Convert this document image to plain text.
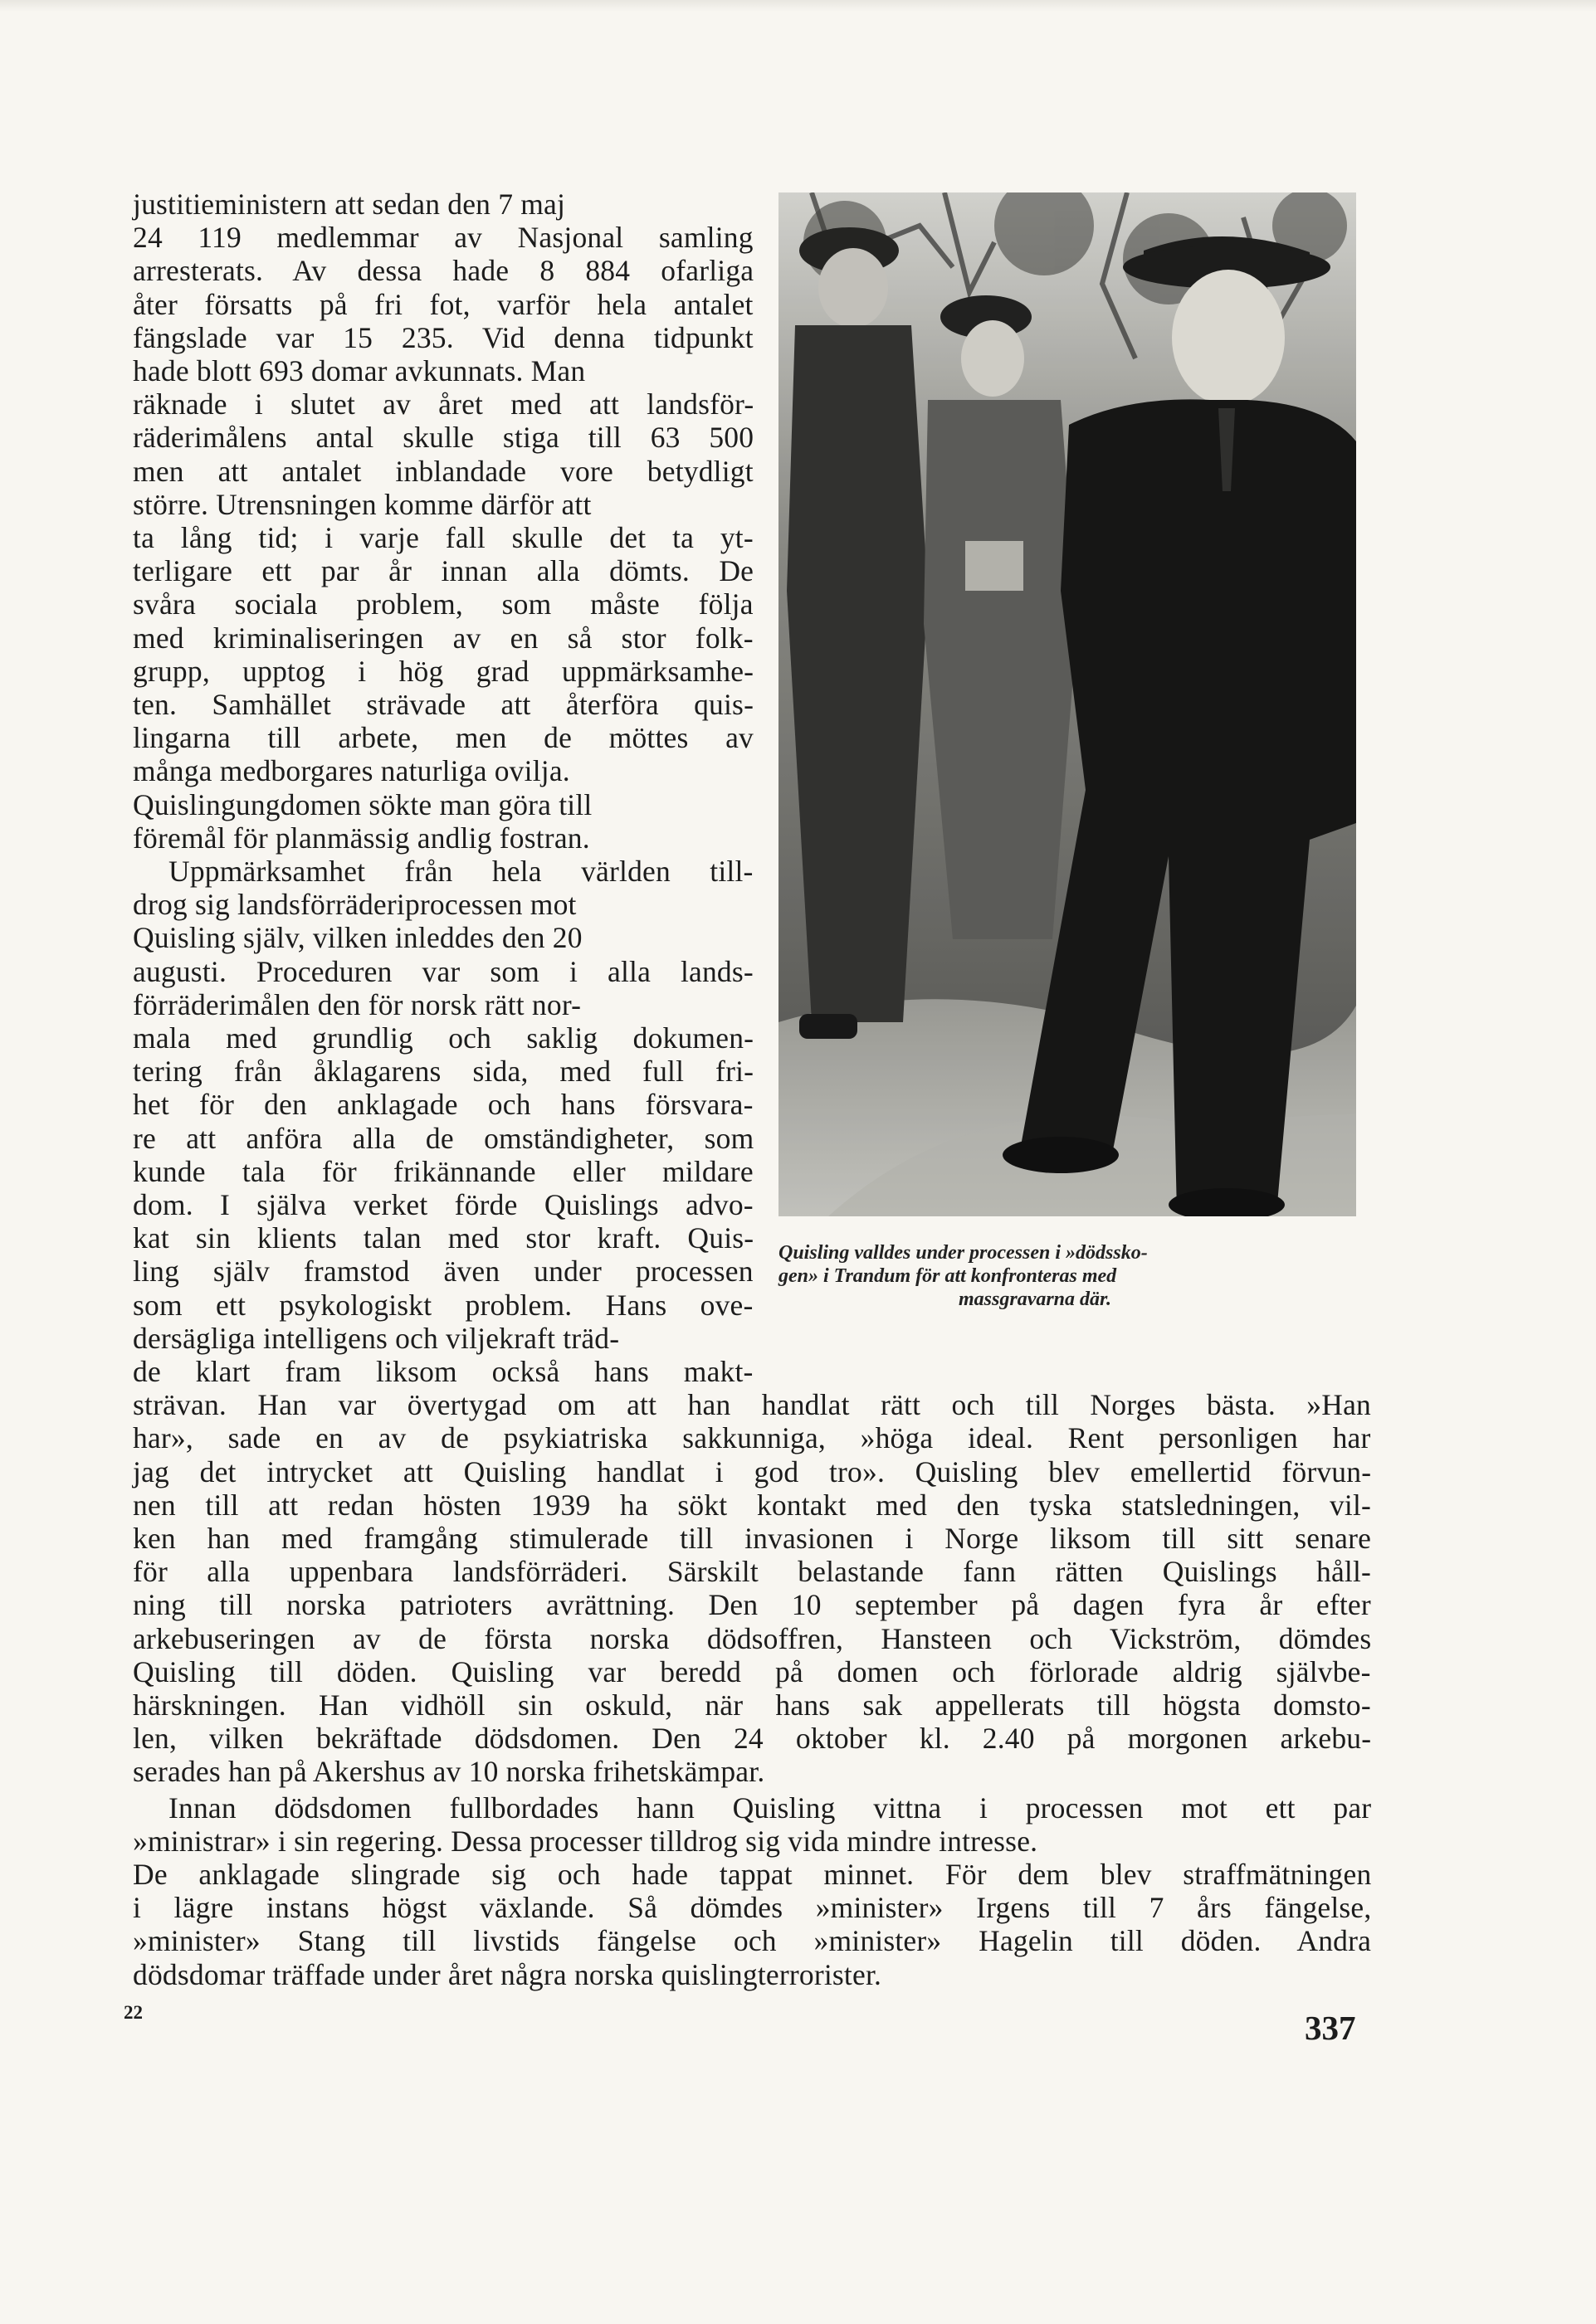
justitieministern att sedan den 7 maj
24 119 medlemmar av Nasjonal samling
arresterats. Av dessa hade 8 884 ofarliga
åter försatts på fri fot, varför hela antalet
fängslade var 15 235. Vid denna tidpunkt
hade blott 693 domar avkunnats. Man
räknade i slutet av året med att landsför-
räderimålens antal skulle stiga till 63 500
men att antalet inblandade vore betydligt
större. Utrensningen komme därför att
ta lång tid; i varje fall skulle det ta yt-
terligare ett par år innan alla dömts. De
svåra sociala problem, som måste följa
med kriminaliseringen av en så stor folk-
grupp, upptog i hög grad uppmärksamhe-
ten. Samhället strävade att återföra quis-
lingarna till arbete, men de möttes av
många medborgares naturliga ovilja.
Quislingungdomen sökte man göra till
föremål för planmässig andlig fostran.
Uppmärksamhet från hela världen till-
drog sig landsförräderiprocessen mot
Quisling själv, vilken inleddes den 20
augusti. Proceduren var som i alla lands-
förräderimålen den för norsk rätt nor-
mala med grundlig och saklig dokumen-
tering från åklagarens sida, med full fri-
het för den anklagade och hans försvara-
re att anföra alla de omständigheter, som
kunde tala för frikännande eller mildare
dom. I själva verket förde Quislings advo-
kat sin klients talan med stor kraft. Quis-
ling själv framstod även under processen
som ett psykologiskt problem. Hans ove-
dersägliga intelligens och viljekraft träd-
de klart fram liksom också hans makt-
strävan. Han var övertygad om att han handlat rätt och till Norges bästa. »Han
har», sade en av de psykiatriska sakkunniga, »höga ideal. Rent personligen har
jag det intrycket att Quisling handlat i god tro». Quisling blev emellertid förvun-
nen till att redan hösten 1939 ha sökt kontakt med den tyska statsledningen, vil-
ken han med framgång stimulerade till invasionen i Norge liksom till sitt senare
för alla uppenbara landsförräderi. Särskilt belastande fann rätten Quislings håll-
ning till norska patrioters avrättning. Den 10 september på dagen fyra år efter
arkebuseringen av de första norska dödsoffren, Hansteen och Vickström, dömdes
Quisling till döden. Quisling var beredd på domen och förlorade aldrig självbe-
härskningen. Han vidhöll sin oskuld, när hans sak appellerats till högsta domsto-
len, vilken bekräftade dödsdomen. Den 24 oktober kl. 2.40 på morgonen arkebu-
serades han på Akershus av 10 norska frihetskämpar.
Innan dödsdomen fullbordades hann Quisling vittna i processen mot ett par
»ministrar» i sin regering. Dessa processer tilldrog sig vida mindre intresse.
De anklagade slingrade sig och hade tappat minnet. För dem blev straffmätningen
i lägre instans högst växlande. Så dömdes »minister» Irgens till 7 års fängelse,
»minister» Stang till livstids fängelse och »minister» Hagelin till döden. Andra
dödsdomar träffade under året några norska quislingterrorister.
Quisling valldes under processen i »dödssko-
gen» i Trandum för att konfronteras med
massgravarna där.
22	337
